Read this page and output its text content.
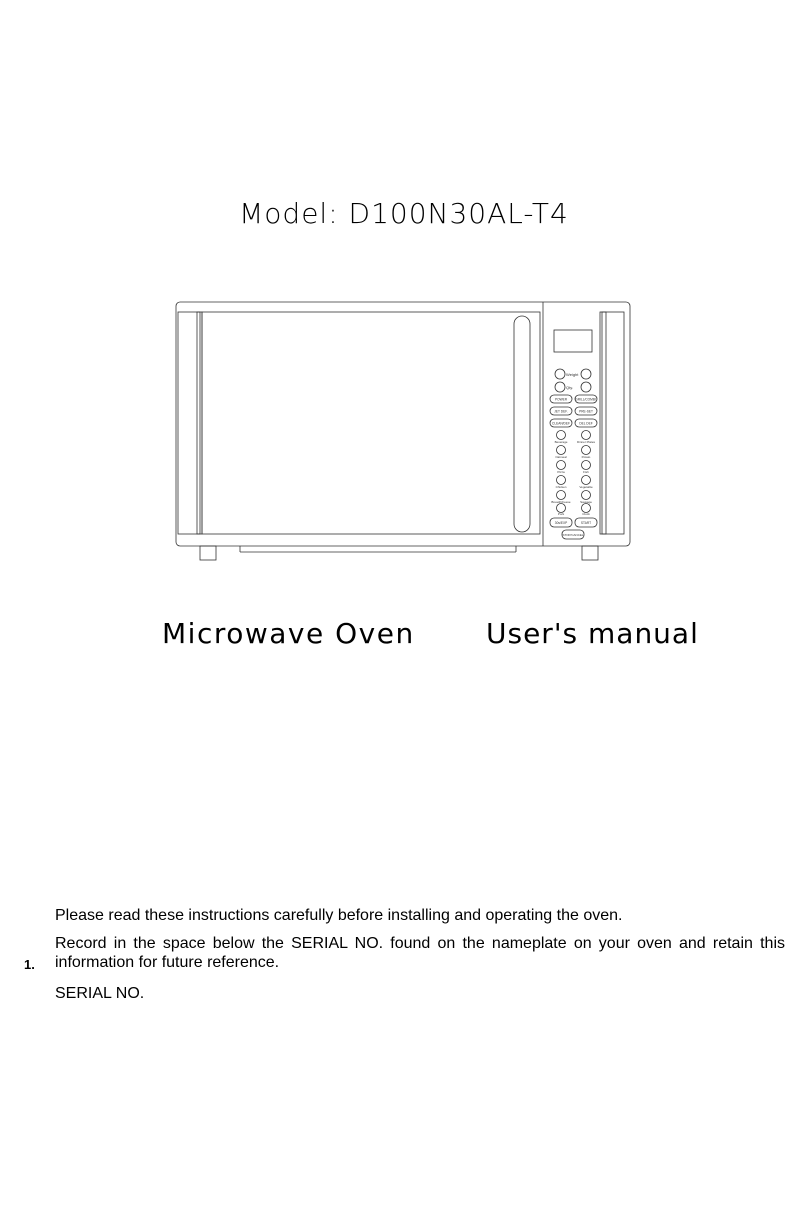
Model: D100N30AL-T4
Weight
Qty.
POWER	GRILL/COMBI.
JET DEF.	PRE-SET
CLEAN/DEF	DEL DEF
Beverage	Dinner Plates
Oatmeal	Potato
Pizza	Fish
Chicken	Vegetable
Bread/Cheese	Sausage
Pork	Clock
30s/EXP	START
STOP/CANCEL
Microwave Oven	User's manual
Please read these instructions carefully before installing and operating the oven.
Record in the space below the SERIAL NO. found on the nameplate on your oven and retain this information for future reference.
SERIAL NO.
1.
